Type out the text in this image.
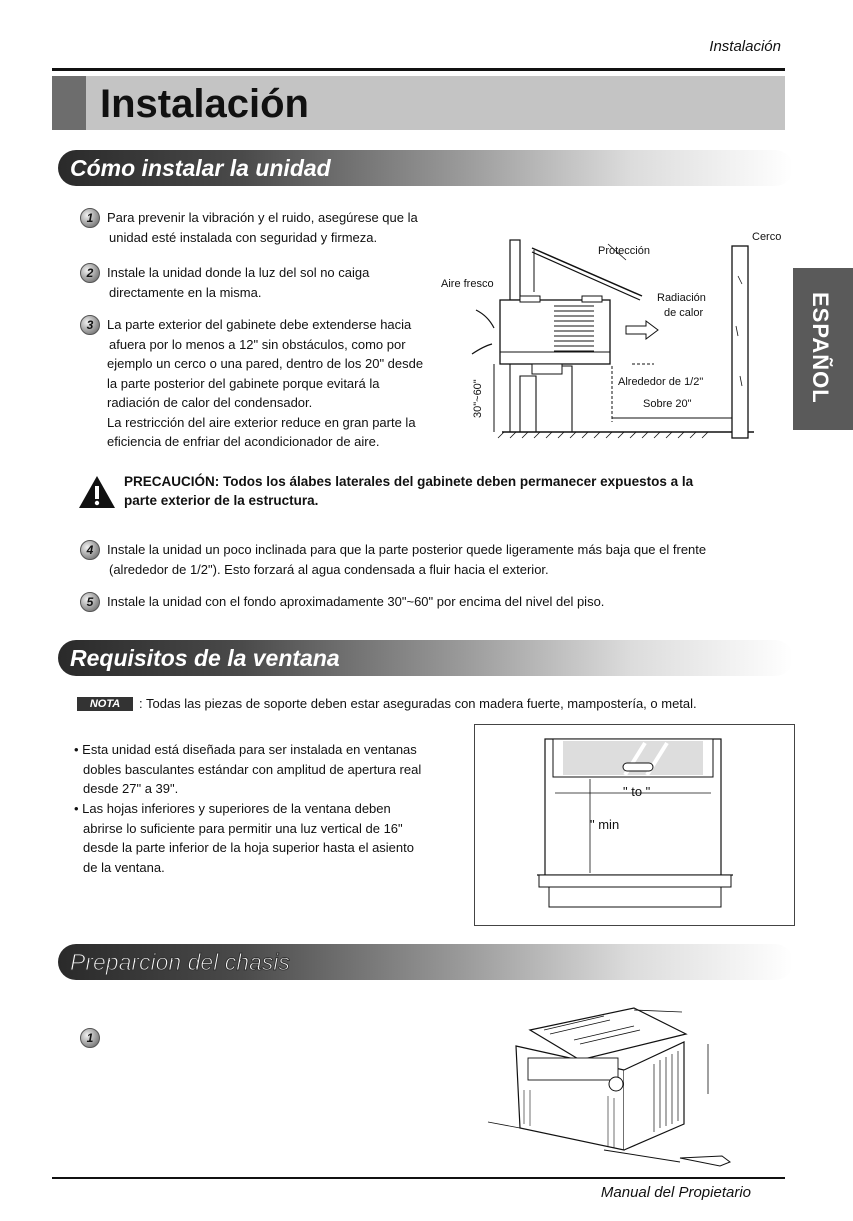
Instalación
Instalación
ESPAÑOL
Cómo instalar la unidad
1	Para prevenir la vibración y el ruido, asegúrese que la
unidad esté instalada con seguridad y firmeza.
2	Instale la unidad donde la luz del sol no caiga
directamente en la misma.
3	La parte exterior del gabinete debe extenderse hacia
afuera por lo menos a 12" sin obstáculos, como por
ejemplo un cerco o una pared, dentro de los 20" desde
la parte posterior del gabinete porque evitará la
radiación de calor del condensador.
La restricción del aire exterior reduce en gran parte la
eficiencia de enfriar del acondicionador de aire.
Protección
Cerco
Aire fresco
Radiación
de calor
Alrededor de 1/2"
Sobre 20"
30"~60"
PRECAUCIÓN: Todos los álabes laterales del gabinete deben permanecer expuestos a la
parte exterior de la estructura.
4	Instale la unidad un poco inclinada para que la parte posterior quede ligeramente más baja que el frente
(alrededor de 1/2"). Esto forzará al agua condensada a fluir hacia el exterior.
5	Instale la unidad con el fondo aproximadamente 30"~60" por encima del nivel del piso.
Requisitos de la ventana
NOTA	: Todas las piezas de soporte deben estar aseguradas con madera fuerte, mampostería, o metal.
• Esta unidad está diseñada para ser instalada en ventanas
dobles basculantes estándar con amplitud de apertura real
desde 27" a 39".
• Las hojas inferiores y superiores de la ventana deben
abrirse lo suficiente para permitir una luz vertical de 16"
desde la parte inferior de la hoja superior hasta el asiento
de la ventana.
" to "
" min
Preparcion del chasis
1
Manual del Propietario
